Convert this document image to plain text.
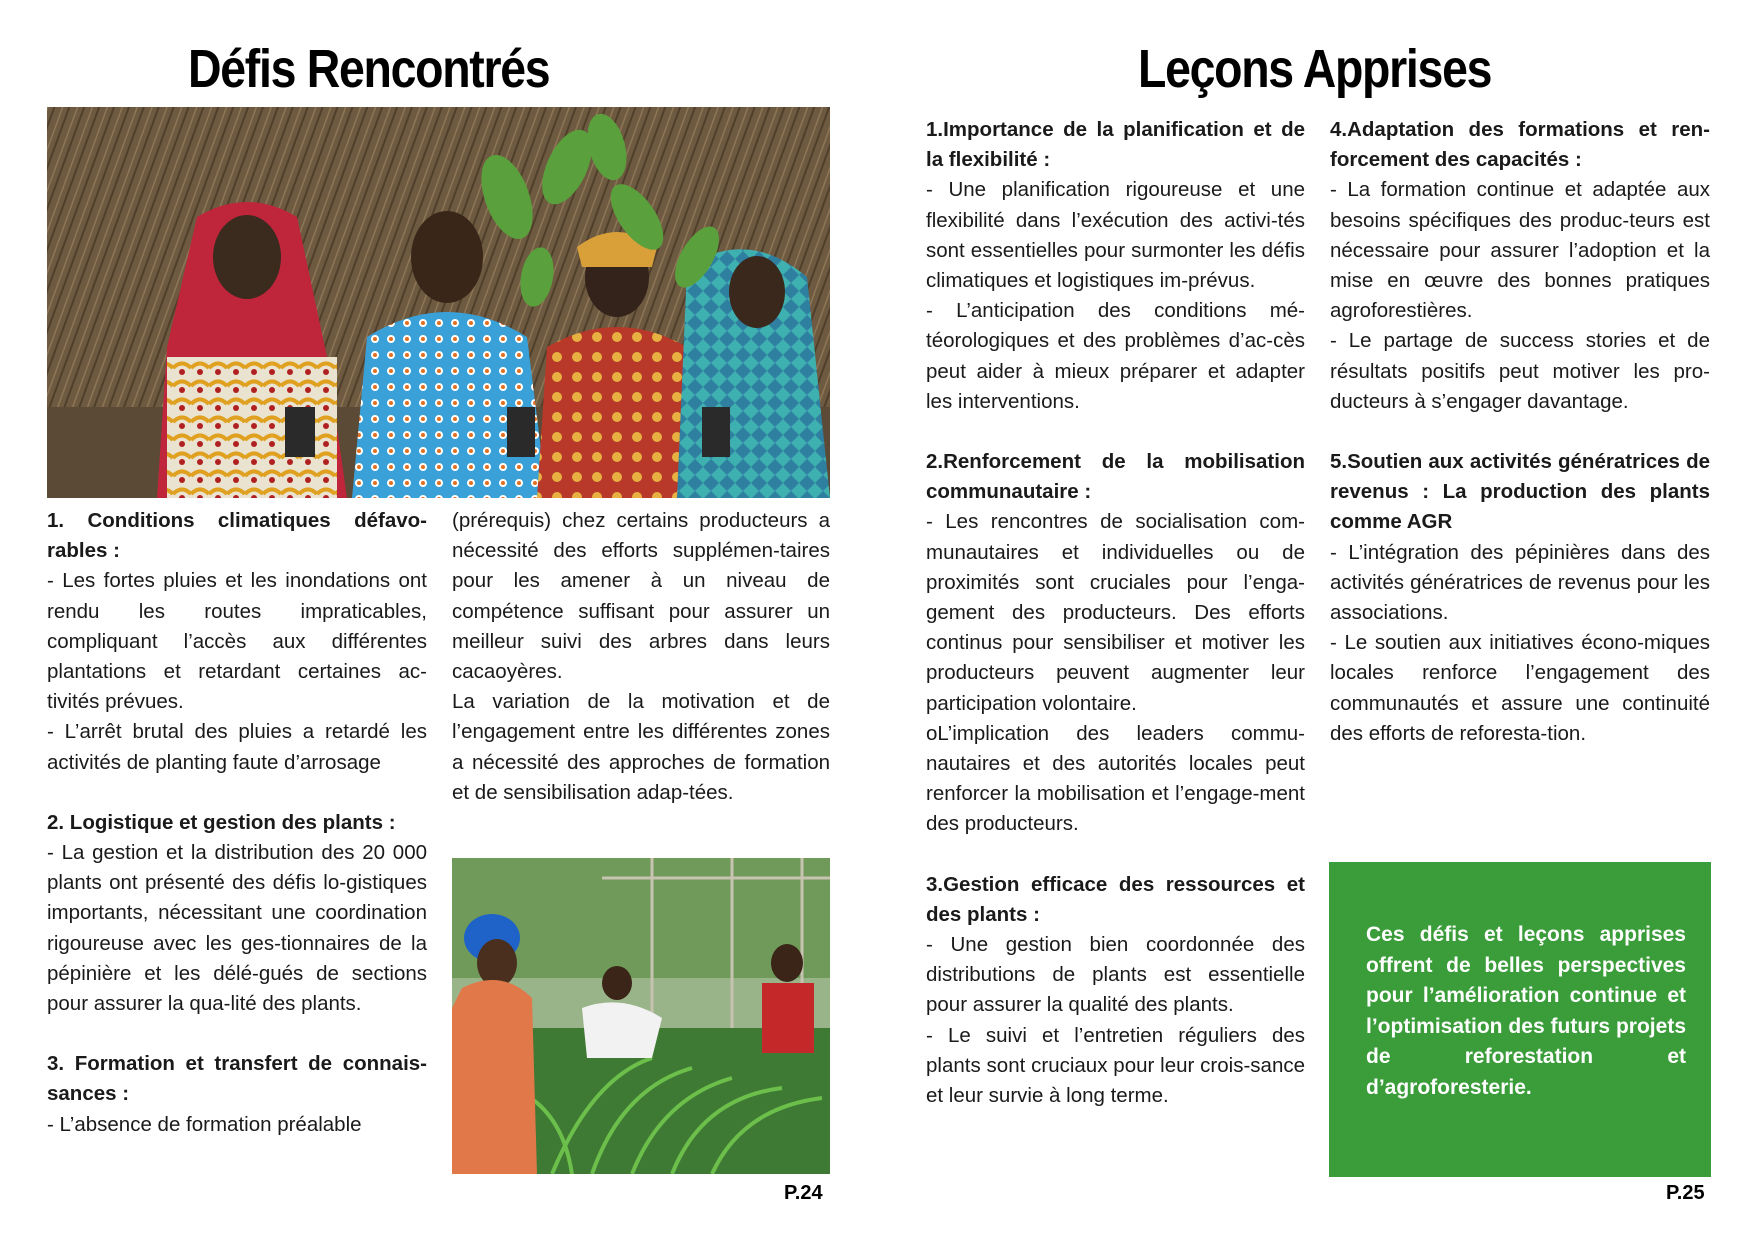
Défis Rencontrés

1. Conditions climatiques défavo-rables :

- Les fortes pluies et les inondations ont rendu les routes impraticables, compliquant l’accès aux différentes plantations et retardant certaines ac-tivités prévues.

- L’arrêt brutal des pluies a retardé les activités de planting faute d’arrosage

2. Logistique et gestion des plants :

- La gestion et la distribution des 20 000 plants ont présenté des défis lo-gistiques importants, nécessitant une coordination rigoureuse avec les ges-tionnaires de la pépinière et les délé-gués de sections pour assurer la qua-lité des plants.

3. Formation et transfert de connais-sances :

- L’absence de formation préalable

(prérequis) chez certains producteurs a nécessité des efforts supplémen-taires pour les amener à un niveau de compétence suffisant pour assurer un meilleur suivi des arbres dans leurs cacaoyères.

La variation de la motivation et de l’engagement entre les différentes zones a nécessité des approches de formation et de sensibilisation adap-tées.

P.24
Leçons Apprises

1.Importance de la planification et de la flexibilité :

- Une planification rigoureuse et une flexibilité dans l’exécution des activi-tés sont essentielles pour surmonter les défis climatiques et logistiques im-prévus.

- L’anticipation des conditions mé-téorologiques et des problèmes d’ac-cès peut aider à mieux préparer et adapter les interventions.

2.Renforcement de la mobilisation communautaire :

- Les rencontres de socialisation com-munautaires et individuelles ou de proximités sont cruciales pour l’enga-gement des producteurs. Des efforts continus pour sensibiliser et motiver les producteurs peuvent augmenter leur participation volontaire.

oL’implication des leaders commu-nautaires et des autorités locales peut renforcer la mobilisation et l’engage-ment des producteurs.

3.Gestion efficace des ressources et des plants :

- Une gestion bien coordonnée des distributions de plants est essentielle pour assurer la qualité des plants.

- Le suivi et l’entretien réguliers des plants sont cruciaux pour leur crois-sance et leur survie à long terme.

4.Adaptation des formations et ren-forcement des capacités :

- La formation continue et adaptée aux besoins spécifiques des produc-teurs est nécessaire pour assurer l’adoption et la mise en œuvre des bonnes pratiques agroforestières.

- Le partage de success stories et de résultats positifs peut motiver les pro-ducteurs à s’engager davantage.

5.Soutien aux activités génératrices de revenus : La production des plants comme AGR

- L’intégration des pépinières dans des activités génératrices de revenus pour les associations.

- Le soutien aux initiatives écono-miques locales renforce l’engagement des communautés et assure une continuité des efforts de reforesta-tion.

Ces défis et leçons apprises offrent de belles perspectives pour l’amélioration continue et l’optimisation des futurs projets de reforestation et d’agroforesterie.
P.25
